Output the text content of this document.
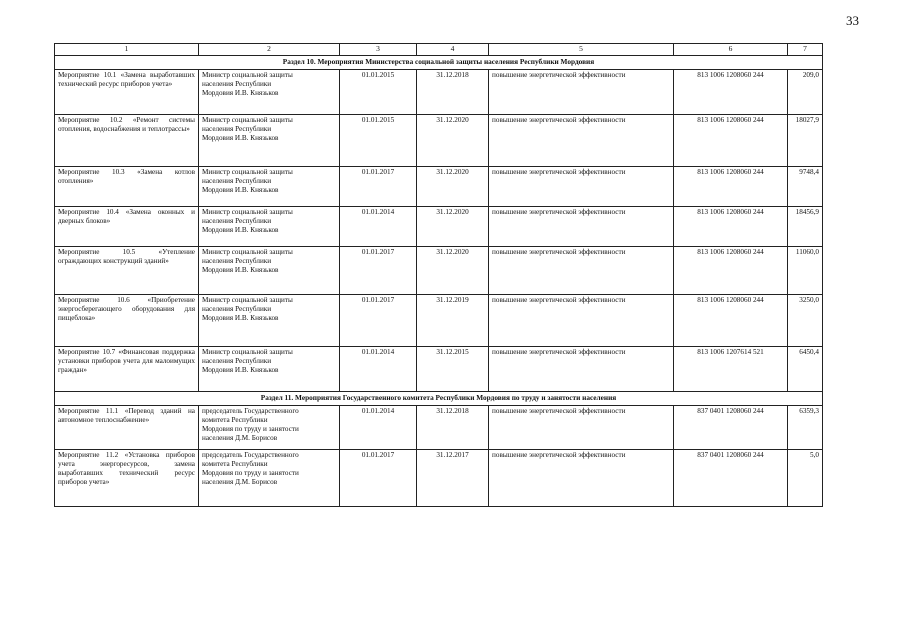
33
1	2	3	4	5	6	7
Раздел 10. Мероприятия Министерства социальной защиты населения Республики Мордовия						
Мероприятие 10.1 «Замена выработавших технический ресурс приборов учета»	Министр социальной защиты
населения Республики
Мордовия И.В. Князьков	01.01.2015	31.12.2018	повышение энергетической эффективности	813 1006 1208060 244	209,0
Мероприятие 10.2 «Ремонт системы отопления, водоснабжения и теплотрассы»	Министр социальной защиты
населения Республики
Мордовия И.В. Князьков	01.01.2015	31.12.2020	повышение энергетической эффективности	813 1006 1208060 244	18027,9
Мероприятие 10.3 «Замена котлов отопления»	Министр социальной защиты
населения Республики
Мордовия И.В. Князьков	01.01.2017	31.12.2020	повышение энергетической эффективности	813 1006 1208060 244	9748,4
Мероприятие 10.4 «Замена оконных и дверных блоков»	Министр социальной защиты
населения Республики
Мордовия И.В. Князьков	01.01.2014	31.12.2020	повышение энергетической эффективности	813 1006 1208060 244	18456,9
Мероприятие 10.5 «Утепление ограждающих конструкций зданий»	Министр социальной защиты
населения Республики
Мордовия И.В. Князьков	01.01.2017	31.12.2020	повышение энергетической эффективности	813 1006 1208060 244	11060,0
Мероприятие 10.6 «Приобретение энергосберегающего оборудования для пищеблока»	Министр социальной защиты
населения Республики
Мордовия И.В. Князьков	01.01.2017	31.12.2019	повышение энергетической эффективности	813 1006 1208060 244	3250,0
Мероприятие 10.7 «Финансовая поддержка установки приборов учета для малоимущих граждан»	Министр социальной защиты
населения Республики
Мордовия И.В. Князьков	01.01.2014	31.12.2015	повышение энергетической эффективности	813 1006 1207614 521	6450,4
Раздел 11. Мероприятия Государственного комитета Республики Мордовия по труду и занятости населения						
Мероприятие 11.1 «Перевод зданий на автономное теплоснабжение»	председатель Государственного
комитета Республики
Мордовия по труду и занятости
населения Д.М. Борисов	01.01.2014	31.12.2018	повышение энергетической эффективности	837 0401 1208060 244	6359,3
Мероприятие 11.2 «Установка приборов учета энергоресурсов, замена выработавших технический ресурс приборов учета»	председатель Государственного
комитета Республики
Мордовия по труду и занятости
населения Д.М. Борисов	01.01.2017	31.12.2017	повышение энергетической эффективности	837 0401 1208060 244	5,0
